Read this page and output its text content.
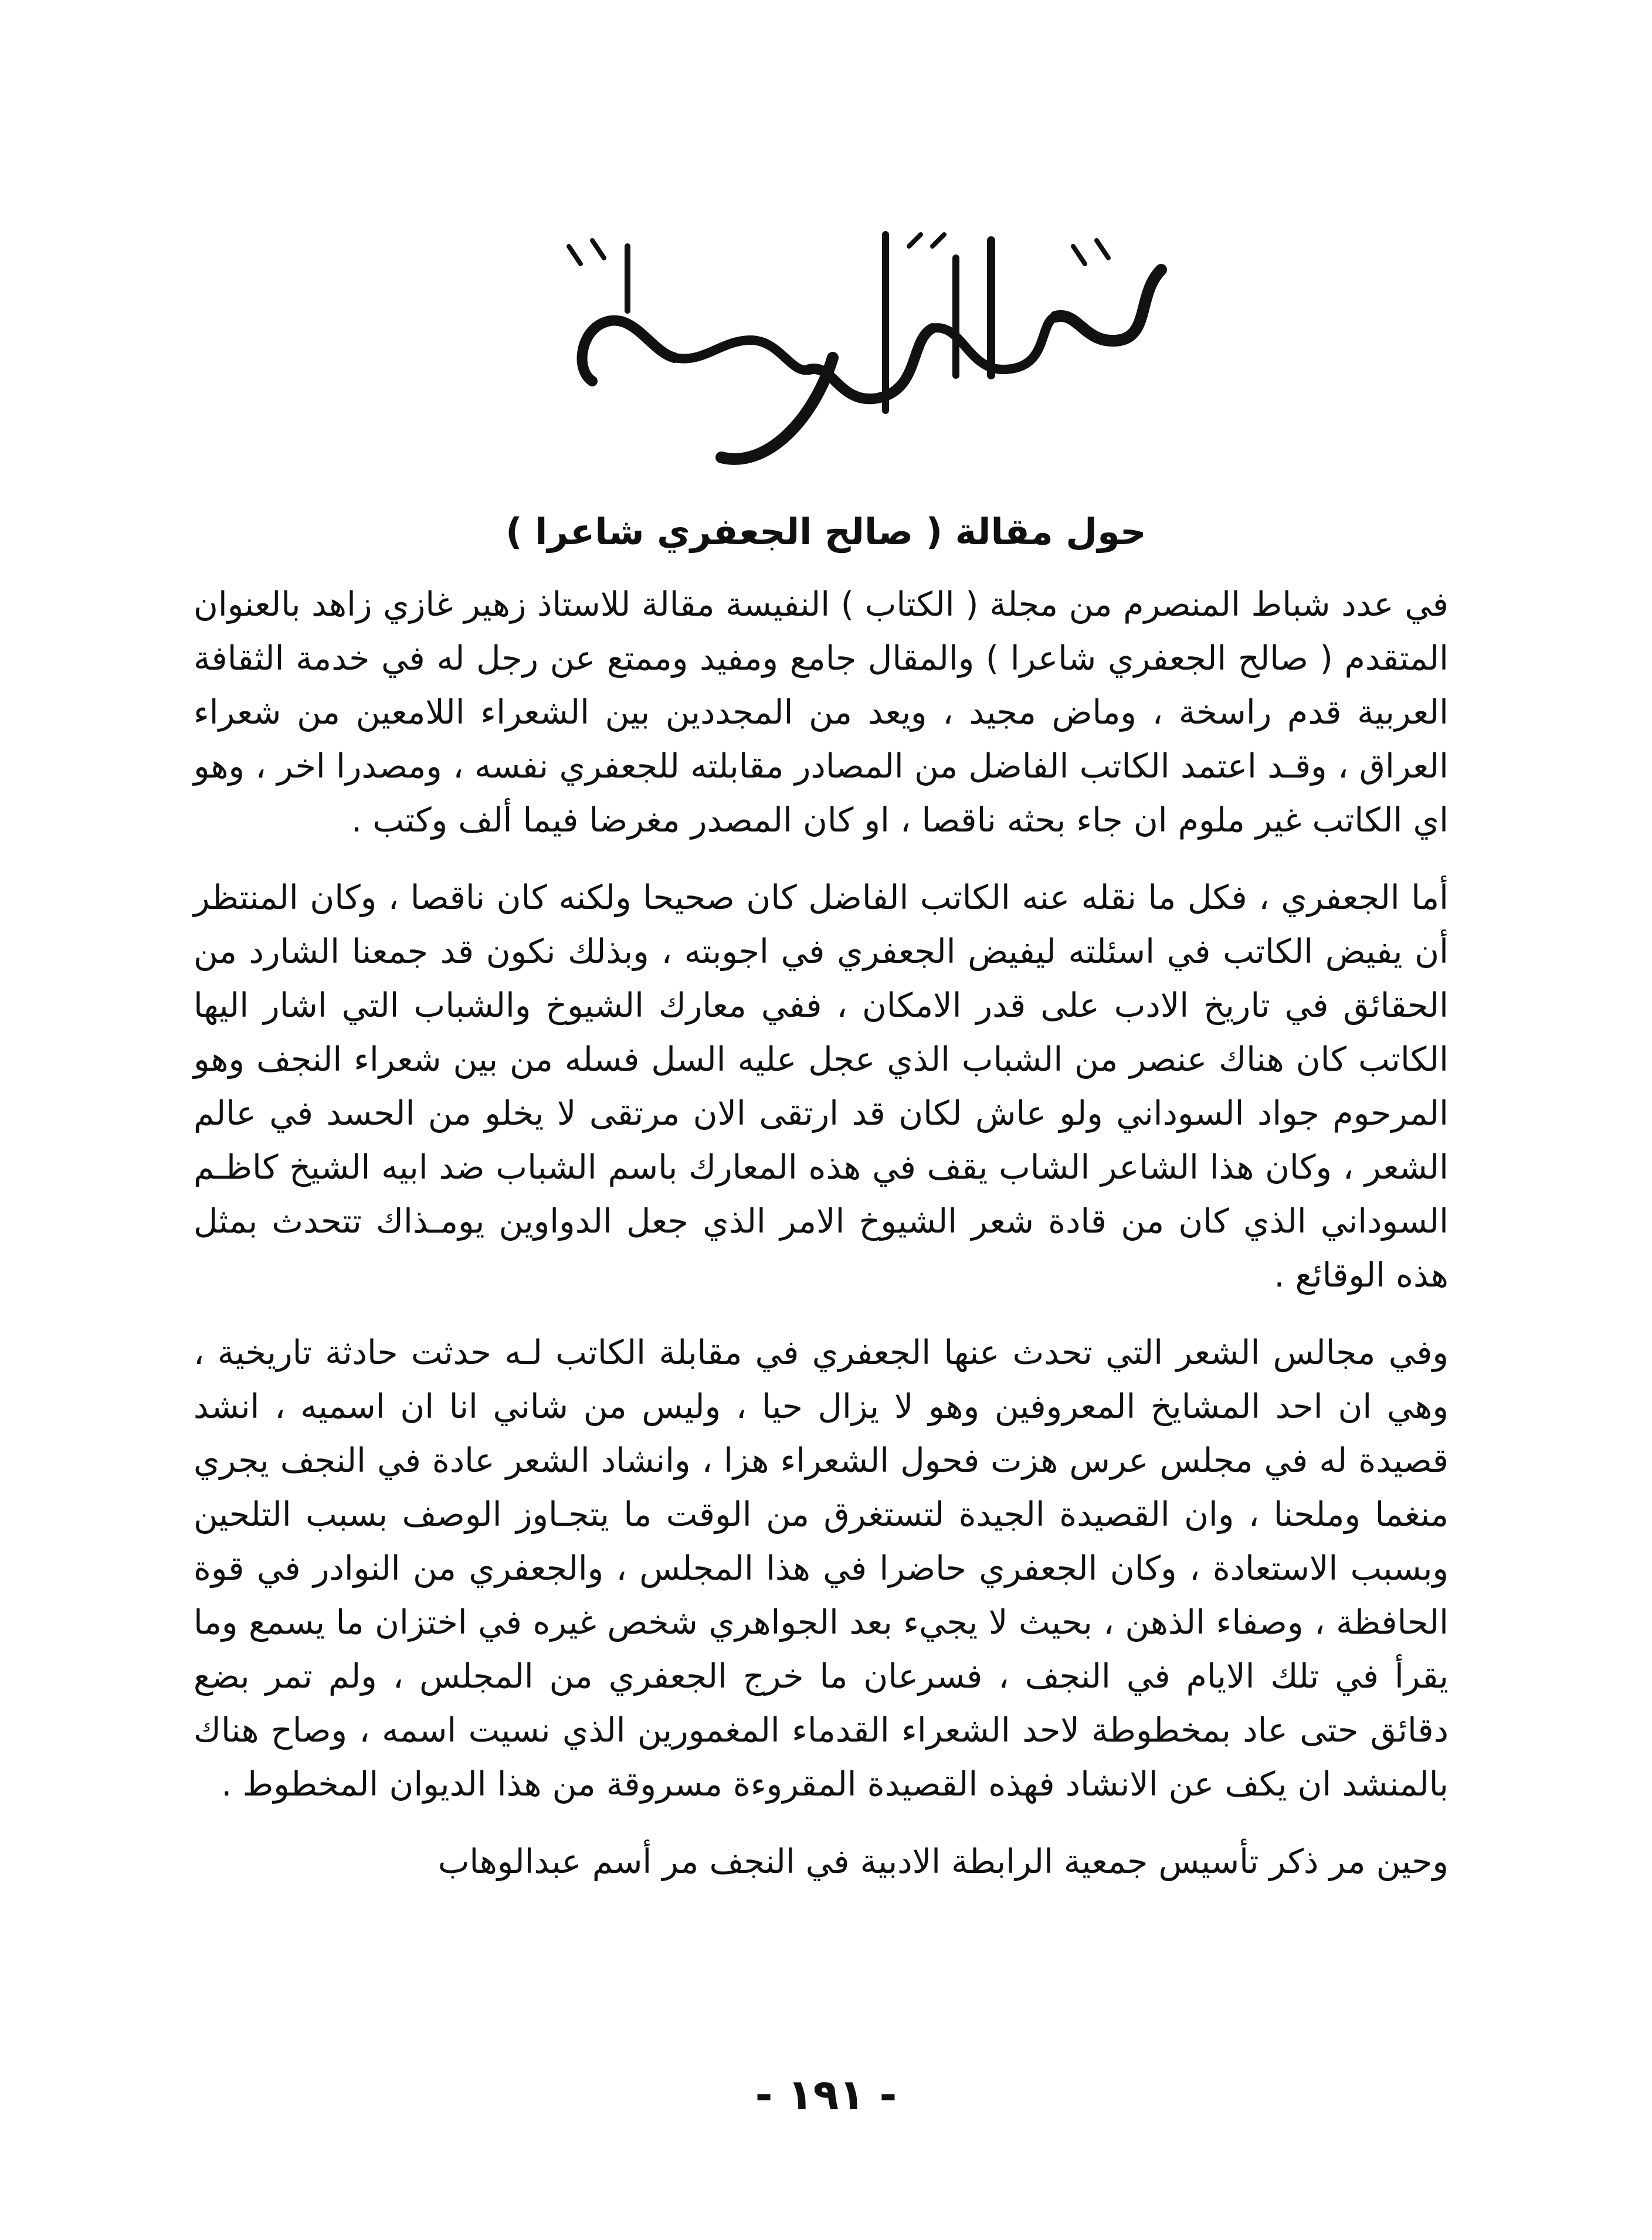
حول مقالة ( صالح الجعفري شاعرا )

في عدد شباط المنصرم من مجلة ( الكتاب ) النفيسة مقالة للاستاذ زهير غازي زاهد بالعنوان المتقدم ( صالح الجعفري شاعرا ) والمقال جامع ومفيد وممتع عن رجل له في خدمة الثقافة العربية قدم راسخة ، وماض مجيد ، ويعد من المجددين بين الشعراء اللامعين من شعراء العراق ، وقـد اعتمد الكاتب الفاضل من المصادر مقابلته للجعفري نفسه ، ومصدرا اخر ، وهو اي الكاتب غير ملوم ان جاء بحثه ناقصا ، او كان المصدر مغرضا فيما ألف وكتب .

أما الجعفري ، فكل ما نقله عنه الكاتب الفاضل كان صحيحا ولكنه كان ناقصا ، وكان المنتظر أن يفيض الكاتب في اسئلته ليفيض الجعفري في اجوبته ، وبذلك نكون قد جمعنا الشارد من الحقائق في تاريخ الادب على قدر الامكان ، ففي معارك الشيوخ والشباب التي اشار اليها الكاتب كان هناك عنصر من الشباب الذي عجل عليه السل فسله من بين شعراء النجف وهو المرحوم جواد السوداني ولو عاش لكان قد ارتقى الان مرتقى لا يخلو من الحسد في عالم الشعر ، وكان هذا الشاعر الشاب يقف في هذه المعارك باسم الشباب ضد ابيه الشيخ كاظـم السوداني الذي كان من قادة شعر الشيوخ الامر الذي جعل الدواوين يومـذاك تتحدث بمثل هذه الوقائع .

وفي مجالس الشعر التي تحدث عنها الجعفري في مقابلة الكاتب لـه حدثت حادثة تاريخية ، وهي ان احد المشايخ المعروفين وهو لا يزال حيا ، وليس من شاني انا ان اسميه ، انشد قصيدة له في مجلس عرس هزت فحول الشعراء هزا ، وانشاد الشعر عادة في النجف يجري منغما وملحنا ، وان القصيدة الجيدة لتستغرق من الوقت ما يتجـاوز الوصف بسبب التلحين وبسبب الاستعادة ، وكان الجعفري حاضرا في هذا المجلس ، والجعفري من النوادر في قوة الحافظة ، وصفاء الذهن ، بحيث لا يجيء بعد الجواهري شخص غيره في اختزان ما يسمع وما يقرأ في تلك الايام في النجف ، فسرعان ما خرج الجعفري من المجلس ، ولم تمر بضع دقائق حتى عاد بمخطوطة لاحد الشعراء القدماء المغمورين الذي نسيت اسمه ، وصاح هناك بالمنشد ان يكف عن الانشاد فهذه القصيدة المقروءة مسروقة من هذا الديوان المخطوط .

وحين مر ذكر تأسيس جمعية الرابطة الادبية في النجف مر أسم عبدالوهاب

- ١٩١ -
